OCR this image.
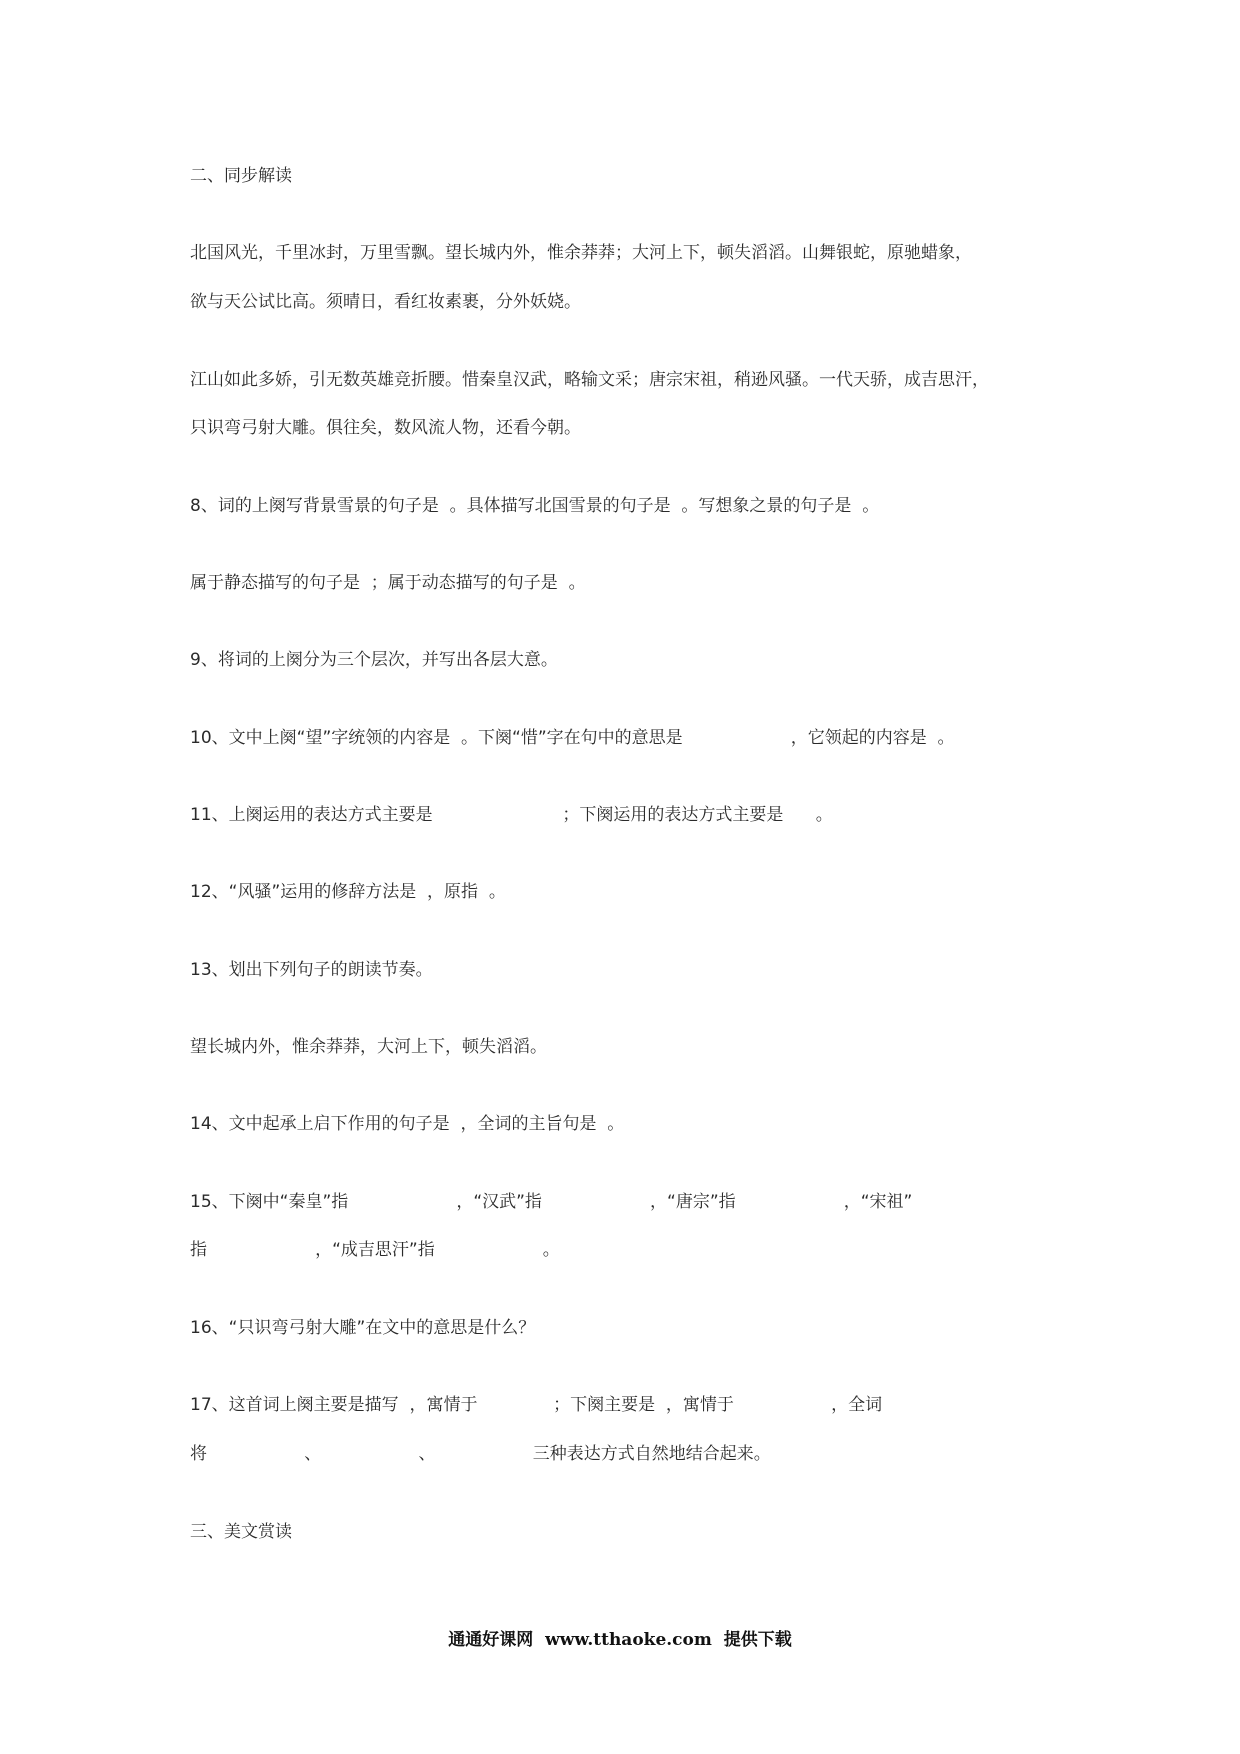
二、同步解读
北国风光，千里冰封，万里雪飘。望长城内外，惟余莽莽；大河上下，顿失滔滔。山舞银蛇，原驰蜡象，
欲与天公试比高。须晴日，看红妆素裹，分外妖娆。
江山如此多娇，引无数英雄竞折腰。惜秦皇汉武，略输文采；唐宗宋祖，稍逊风骚。一代天骄，成吉思汗，
只识弯弓射大雕。俱往矣，数风流人物，还看今朝。
8、词的上阕写背景雪景的句子是  。具体描写北国雪景的句子是  。写想象之景的句子是  。
属于静态描写的句子是  ；属于动态描写的句子是  。
9、将词的上阕分为三个层次，并写出各层大意。
10、文中上阕“望”字统领的内容是  。下阕“惜”字在句中的意思是                    ，它领起的内容是  。
11、上阕运用的表达方式主要是                        ；下阕运用的表达方式主要是      。
12、“风骚”运用的修辞方法是  ，原指  。
13、划出下列句子的朗读节奏。
望长城内外，惟余莽莽，大河上下，顿失滔滔。
14、文中起承上启下作用的句子是  ，全词的主旨句是  。
15、下阕中“秦皇”指                    ，“汉武”指                    ，“唐宗”指                    ，“宋祖”
指                    ，“成吉思汗”指                    。
16、“只识弯弓射大雕”在文中的意思是什么？
17、这首词上阕主要是描写  ，寓情于              ；下阕主要是  ，寓情于                  ，全词
将                  、                  、                  三种表达方式自然地结合起来。
三、美文赏读
通通好课网  www.tthaoke.com  提供下载
